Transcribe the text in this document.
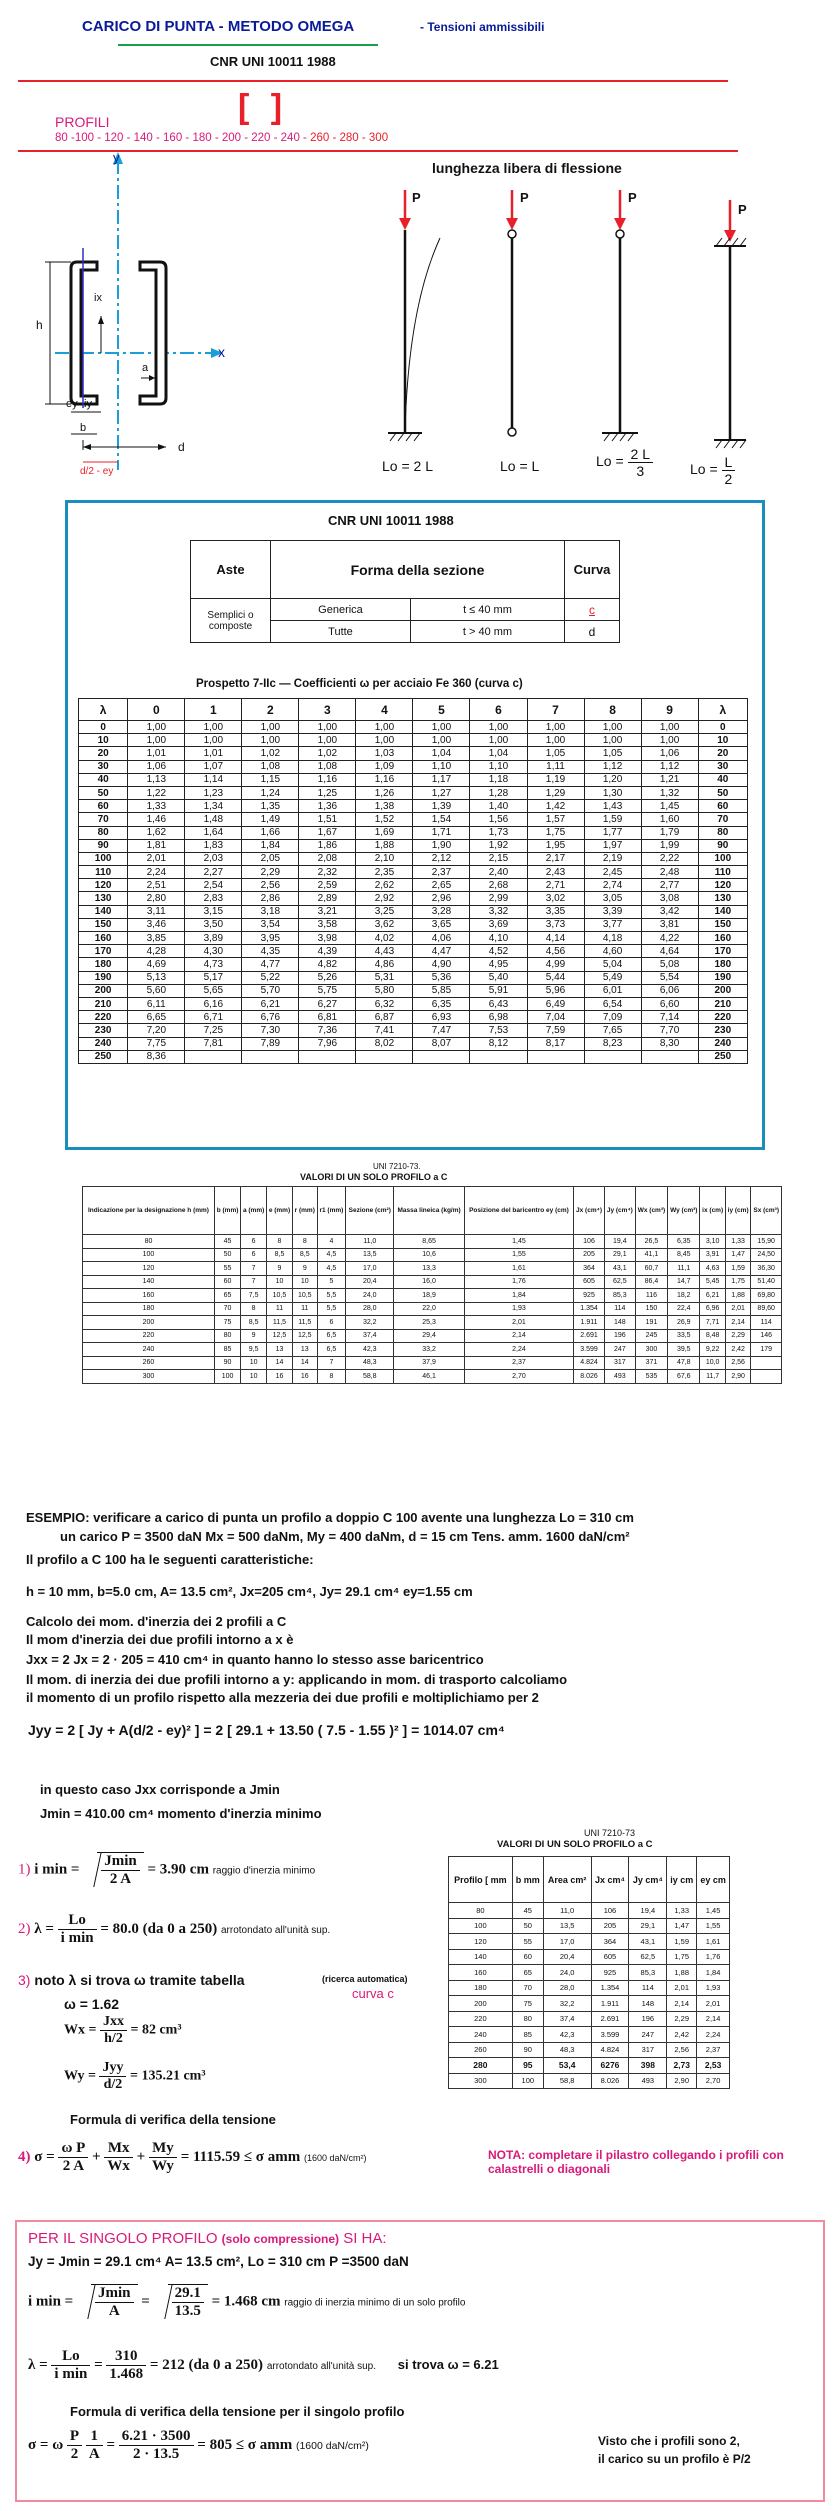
CARICO DI PUNTA - METODO OMEGA	- Tensioni ammissibili
CNR UNI 10011 1988
PROFILI	[ ]
80 -100 - 120 - 140 - 160 - 180 - 200 - 220 - 240 - 260 - 280 - 300
y
x
h
ix
ey iy
b
a
d
d/2 - ey
lunghezza libera di flessione
P	P	P
P
Lo = 2 L	Lo = L	$Lo = \frac{2 L}{3}$	$Lo = \frac{L}{2}$
CNR UNI 10011 1988
Aste	Forma della sezione		Curva
Semplici o composte	Generica	t ≤ 40 mm	c
	Tutte	t > 40 mm	d
Prospetto 7-IIc — Coefficienti ω per acciaio Fe 360 (curva c)
λ	0	1	2	3	4	5	6	7	8	9	λ
0	1,00	1,00	1,00	1,00	1,00	1,00	1,00	1,00	1,00	1,00	0
10	1,00	1,00	1,00	1,00	1,00	1,00	1,00	1,00	1,00	1,00	10
20	1,01	1,01	1,02	1,02	1,03	1,04	1,04	1,05	1,05	1,06	20
30	1,06	1,07	1,08	1,08	1,09	1,10	1,10	1,11	1,12	1,12	30
40	1,13	1,14	1,15	1,16	1,16	1,17	1,18	1,19	1,20	1,21	40
50	1,22	1,23	1,24	1,25	1,26	1,27	1,28	1,29	1,30	1,32	50
60	1,33	1,34	1,35	1,36	1,38	1,39	1,40	1,42	1,43	1,45	60
70	1,46	1,48	1,49	1,51	1,52	1,54	1,56	1,57	1,59	1,60	70
80	1,62	1,64	1,66	1,67	1,69	1,71	1,73	1,75	1,77	1,79	80
90	1,81	1,83	1,84	1,86	1,88	1,90	1,92	1,95	1,97	1,99	90
100	2,01	2,03	2,05	2,08	2,10	2,12	2,15	2,17	2,19	2,22	100
110	2,24	2,27	2,29	2,32	2,35	2,37	2,40	2,43	2,45	2,48	110
120	2,51	2,54	2,56	2,59	2,62	2,65	2,68	2,71	2,74	2,77	120
130	2,80	2,83	2,86	2,89	2,92	2,96	2,99	3,02	3,05	3,08	130
140	3,11	3,15	3,18	3,21	3,25	3,28	3,32	3,35	3,39	3,42	140
150	3,46	3,50	3,54	3,58	3,62	3,65	3,69	3,73	3,77	3,81	150
160	3,85	3,89	3,95	3,98	4,02	4,06	4,10	4,14	4,18	4,22	160
170	4,28	4,30	4,35	4,39	4,43	4,47	4,52	4,56	4,60	4,64	170
180	4,69	4,73	4,77	4,82	4,86	4,90	4,95	4,99	5,04	5,08	180
190	5,13	5,17	5,22	5,26	5,31	5,36	5,40	5,44	5,49	5,54	190
200	5,60	5,65	5,70	5,75	5,80	5,85	5,91	5,96	6,01	6,06	200
210	6,11	6,16	6,21	6,27	6,32	6,35	6,43	6,49	6,54	6,60	210
220	6,65	6,71	6,76	6,81	6,87	6,93	6,98	7,04	7,09	7,14	220
230	7,20	7,25	7,30	7,36	7,41	7,47	7,53	7,59	7,65	7,70	230
240	7,75	7,81	7,89	7,96	8,02	8,07	8,12	8,17	8,23	8,30	240
250	8,36										250
UNI 7210-73.
VALORI DI UN SOLO PROFILO a C
Indicazione per la designazione h (mm)	b (mm)	a (mm)	e (mm)	r (mm)	r1 (mm)	Sezione (cm²)	Massa lineica (kg/m)	Posizione del baricentro ey (cm)	Jx (cm⁴)	Jy (cm⁴)	Wx (cm³)	Wy (cm³)	ix (cm)	iy (cm)	Sx (cm³)
80	45	6	8	8	4	11,0	8,65	1,45	106	19,4	26,5	6,35	3,10	1,33	15,90
100	50	6	8,5	8,5	4,5	13,5	10,6	1,55	205	29,1	41,1	8,45	3,91	1,47	24,50
120	55	7	9	9	4,5	17,0	13,3	1,61	364	43,1	60,7	11,1	4,63	1,59	36,30
140	60	7	10	10	5	20,4	16,0	1,76	605	62,5	86,4	14,7	5,45	1,75	51,40
160	65	7,5	10,5	10,5	5,5	24,0	18,9	1,84	925	85,3	116	18,2	6,21	1,88	69,80
180	70	8	11	11	5,5	28,0	22,0	1,93	1.354	114	150	22,4	6,96	2,01	89,60
200	75	8,5	11,5	11,5	6	32,2	25,3	2,01	1.911	148	191	26,9	7,71	2,14	114
220	80	9	12,5	12,5	6,5	37,4	29,4	2,14	2.691	196	245	33,5	8,48	2,29	146
240	85	9,5	13	13	6,5	42,3	33,2	2,24	3.599	247	300	39,5	9,22	2,42	179
260	90	10	14	14	7	48,3	37,9	2,37	4.824	317	371	47,8	10,0	2,56	
300	100	10	16	16	8	58,8	46,1	2,70	8.026	493	535	67,6	11,7	2,90	
ESEMPIO: verificare a carico di punta un profilo a doppio C 100 avente una lunghezza Lo = 310 cm
un carico P = 3500 daN Mx = 500 daNm, My = 400 daNm, d = 15 cm Tens. amm. 1600 daN/cm²
Il profilo a C 100 ha le seguenti caratteristiche:
h = 10 mm, b=5.0 cm, A= 13.5 cm², Jx=205 cm⁴, Jy= 29.1 cm⁴ ey=1.55 cm
Calcolo dei mom. d'inerzia dei 2 profili a C
Il mom d'inerzia dei due profili intorno a x è
Jxx = 2 Jx = 2 · 205 = 410 cm⁴ in quanto hanno lo stesso asse baricentrico
Il mom. di inerzia dei due profili intorno a y: applicando in mom. di trasporto calcoliamo
il momento di un profilo rispetto alla mezzeria dei due profili e moltiplichiamo per 2
Jyy = 2 [ Jy + A(d/2 - ey)² ] = 2 [ 29.1 + 13.50 ( 7.5 - 1.55 )² ] = 1014.07 cm⁴
in questo caso Jxx corrisponde a Jmin
Jmin = 410.00 cm⁴ momento d'inerzia minimo
1) i $\min = \frac{Jmin}{2 A} = 3.90$ cm raggio d'inerzia minimo
2) $\lambda = \frac{Lo}{\text{i min}} = 80.0$ (da 0 a 250) arrotondato all'unità sup.
3) noto λ si trova ω tramite tabella	(ricerca automatica)
curva c
ω = 1.62
$Wx = \frac{\text{Jxx}}{h/2} = 82$ cm³
$Wy = \frac{\text{Jyy}}{d/2} = 135.21$ cm³
Formula di verifica della tensione
4) $\sigma = \frac{\text{ω P}}{2 A} + \frac{Mx}{Wx} + \frac{My}{Wy} = 1115.59 \le \sigma$ amm (1600 daN/cm²)	NOTA: completare il pilastro collegando i profili con calastrelli o diagonali
UNI 7210-73
VALORI DI UN SOLO PROFILO a C
Profilo [ mm	b mm	Area cm²	Jx cm⁴	Jy cm⁴	iy cm	ey cm
80	45	11,0	106	19,4	1,33	1,45
100	50	13,5	205	29,1	1,47	1,55
120	55	17,0	364	43,1	1,59	1,61
140	60	20,4	605	62,5	1,75	1,76
160	65	24,0	925	85,3	1,88	1,84
180	70	28,0	1.354	114	2,01	1,93
200	75	32,2	1.911	148	2,14	2,01
220	80	37,4	2.691	196	2,29	2,14
240	85	42,3	3.599	247	2,42	2,24
260	90	48,3	4.824	317	2,56	2,37
280	95	53,4	6276	398	2,73	2,53
300	100	58,8	8.026	493	2,90	2,70
PER IL SINGOLO PROFILO (solo compressione) SI HA:
Jy = Jmin = 29.1 cm⁴ A= 13.5 cm², Lo = 310 cm P =3500 daN
i $\min = \frac{Jmin}{A} = \frac{29.1}{13.5} = 1.468$ cm raggio di inerzia minimo di un solo profilo
$\lambda = \frac{Lo}{\text{i min}} = \frac{310}{1.468} = 212$ (da 0 a 250) arrotondato all'unità sup. si trova ω = 6.21
Formula di verifica della tensione per il singolo profilo
σ = ω $\frac{P}{2}$
$\frac{1}{A} = \frac{6.21 \cdot 3500}{2 \cdot 13.5} = 805 \le \sigma$ amm (1600 daN/cm²)	Visto che i profili sono 2,
il carico su un profilo è P/2
